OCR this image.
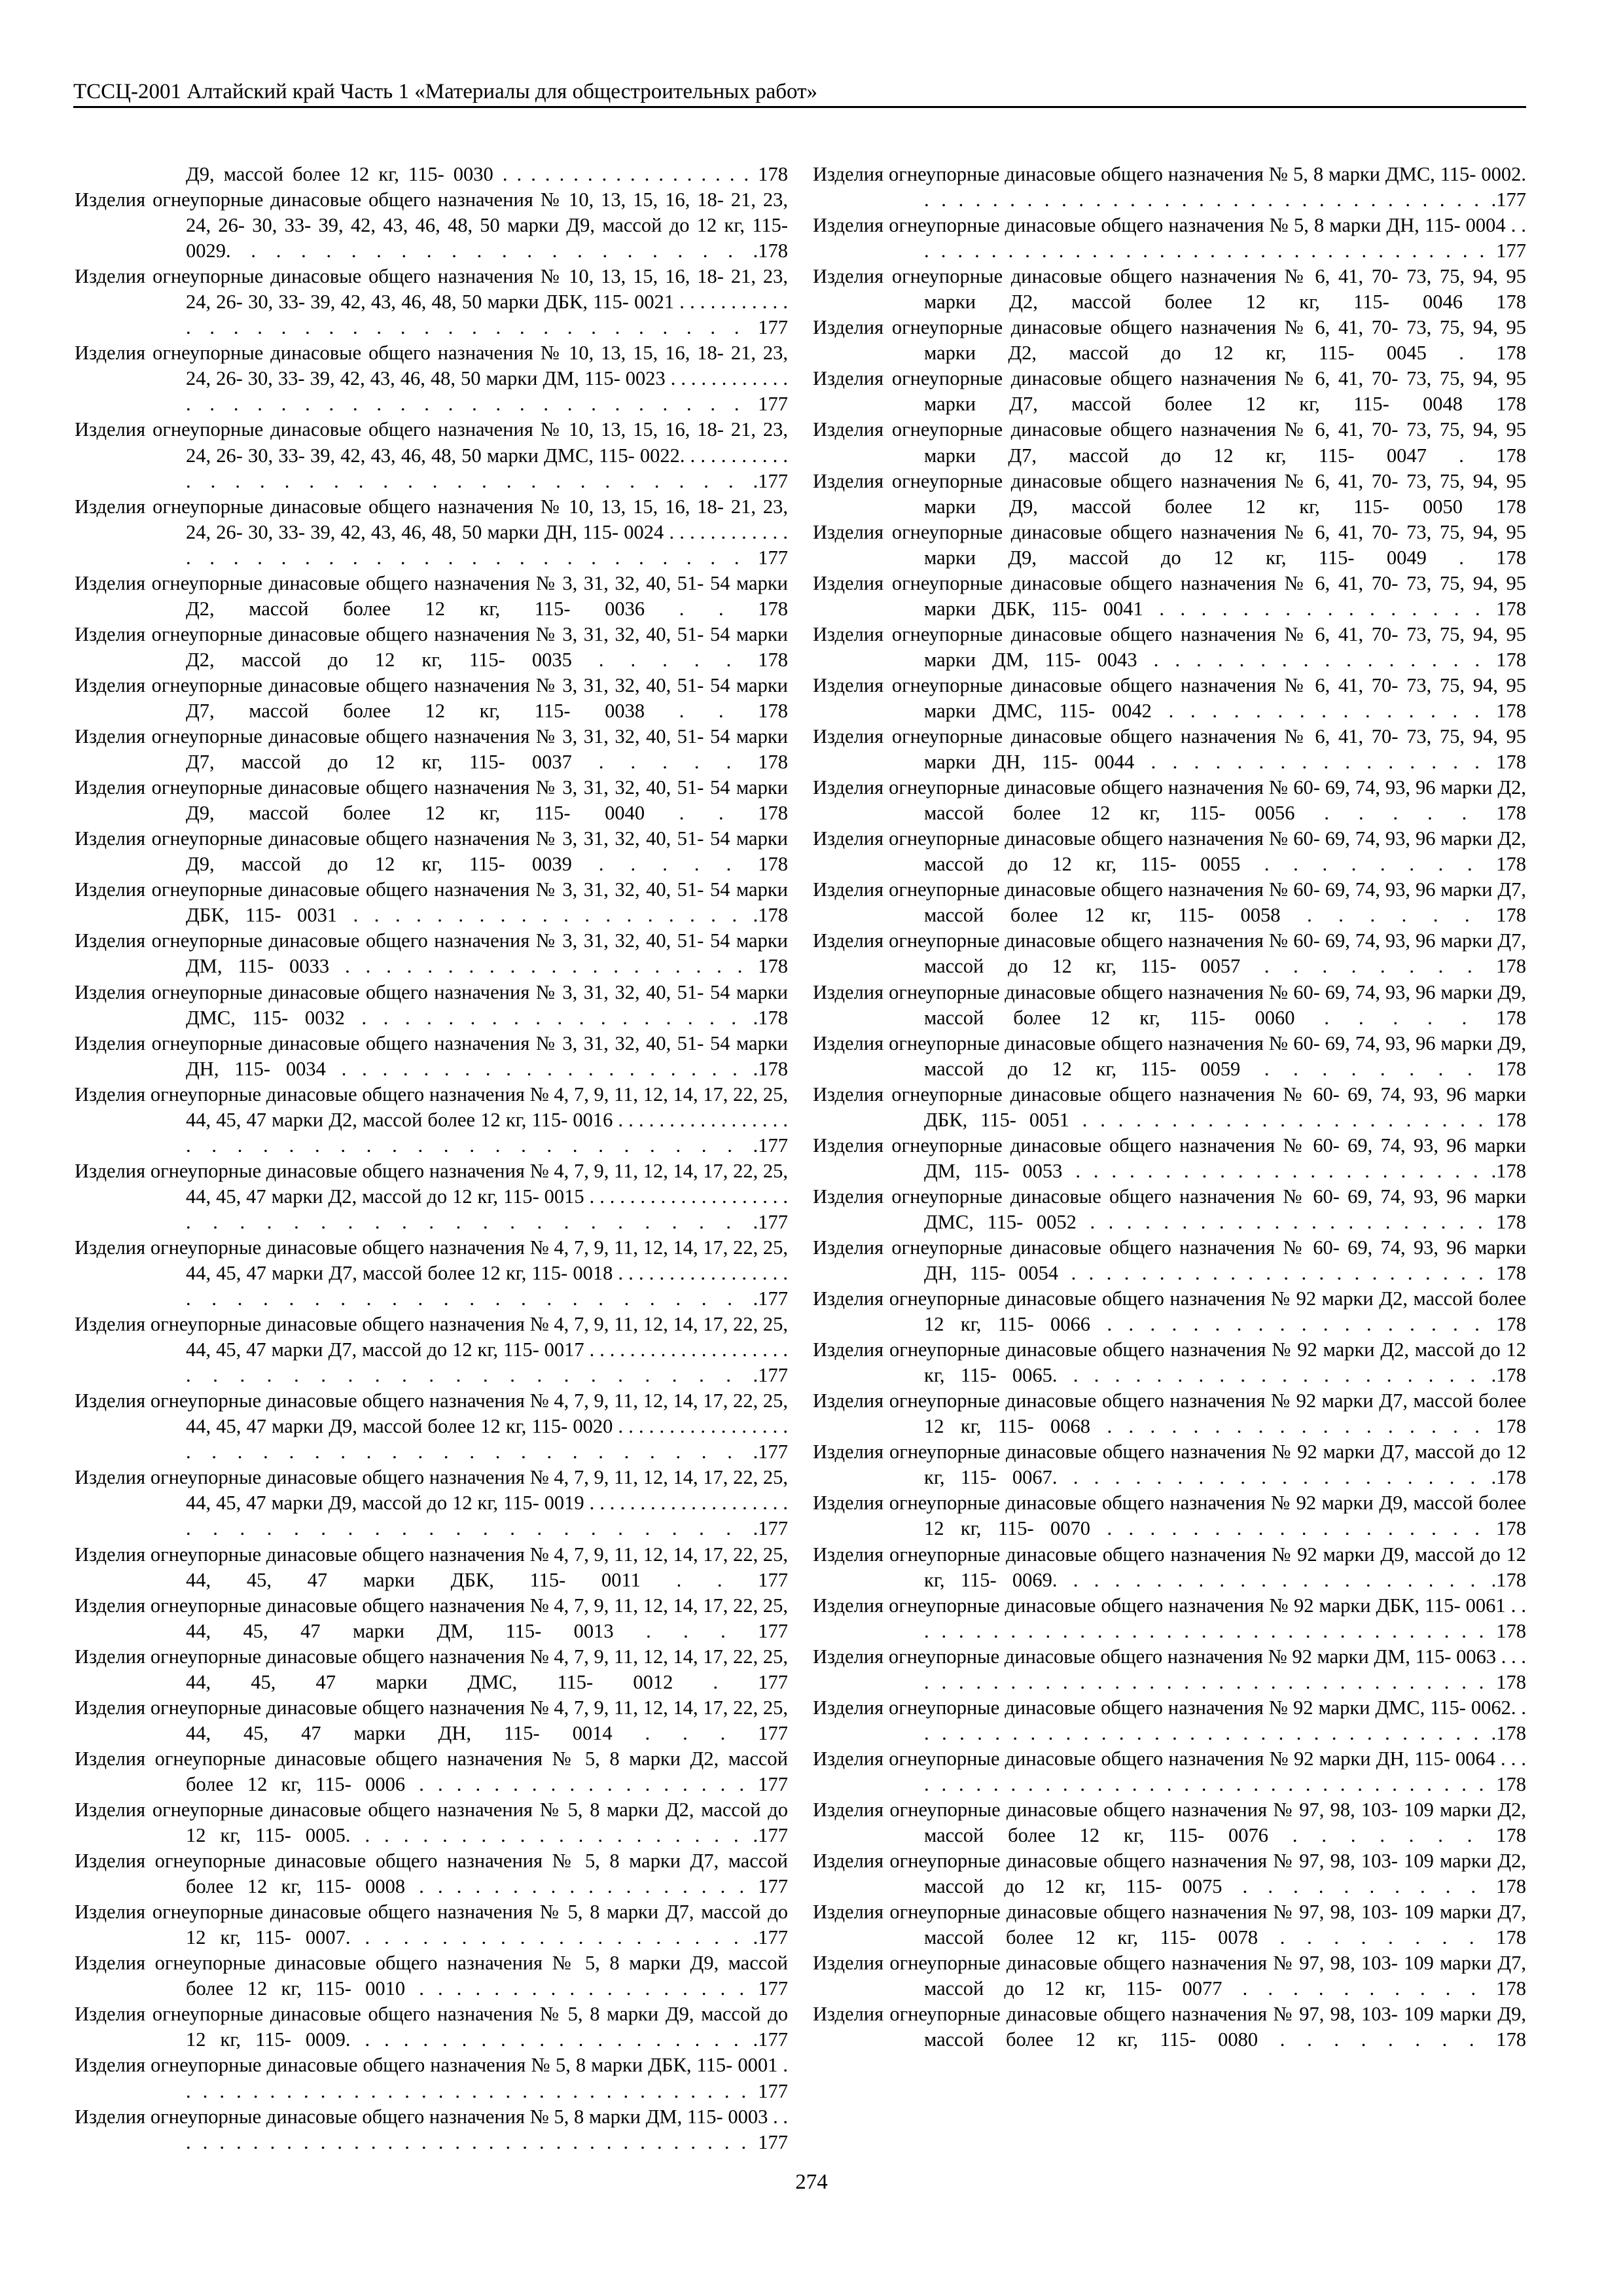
ТССЦ-2001 Алтайский край Часть 1 «Материалы для общестроительных работ»
Д9, массой более 12 кг, 115- 0030 . . . . . . . . . . . . . . . . . . 178
Изделия огнеупорные динасовые общего назначения № 10, 13, 15, 16, 18- 21, 23, 24, 26- 30, 33- 39, 42, 43, 46, 48, 50 марки Д9, массой до 12 кг, 115- 0029. . . . . . . . . . . . . . . . . . . . . .178
Изделия огнеупорные динасовые общего назначения № 10, 13, 15, 16, 18- 21, 23, 24, 26- 30, 33- 39, 42, 43, 46, 48, 50 марки ДБК, 115- 0021 . . . . . . . . . . . . . . . . . . . . . . . . . . . . . . . . . . . 177
Изделия огнеупорные динасовые общего назначения № 10, 13, 15, 16, 18- 21, 23, 24, 26- 30, 33- 39, 42, 43, 46, 48, 50 марки ДМ, 115- 0023 . . . . . . . . . . . . . . . . . . . . . . . . . . . . . . . . . . . . 177
Изделия огнеупорные динасовые общего назначения № 10, 13, 15, 16, 18- 21, 23, 24, 26- 30, 33- 39, 42, 43, 46, 48, 50 марки ДМС, 115- 0022. . . . . . . . . . . . . . . . . . . . . . . . . . . . . . . . . . .177
Изделия огнеупорные динасовые общего назначения № 10, 13, 15, 16, 18- 21, 23, 24, 26- 30, 33- 39, 42, 43, 46, 48, 50 марки ДН, 115- 0024 . . . . . . . . . . . . . . . . . . . . . . . . . . . . . . . . . . . . 177
Изделия огнеупорные динасовые общего назначения № 3, 31, 32, 40, 51- 54 марки Д2, массой более 12 кг, 115- 0036 . . 178
Изделия огнеупорные динасовые общего назначения № 3, 31, 32, 40, 51- 54 марки Д2, массой до 12 кг, 115- 0035 . . . . . 178
Изделия огнеупорные динасовые общего назначения № 3, 31, 32, 40, 51- 54 марки Д7, массой более 12 кг, 115- 0038 . . 178
Изделия огнеупорные динасовые общего назначения № 3, 31, 32, 40, 51- 54 марки Д7, массой до 12 кг, 115- 0037 . . . . . 178
Изделия огнеупорные динасовые общего назначения № 3, 31, 32, 40, 51- 54 марки Д9, массой более 12 кг, 115- 0040 . . 178
Изделия огнеупорные динасовые общего назначения № 3, 31, 32, 40, 51- 54 марки Д9, массой до 12 кг, 115- 0039 . . . . . 178
Изделия огнеупорные динасовые общего назначения № 3, 31, 32, 40, 51- 54 марки ДБК, 115- 0031 . . . . . . . . . . . . . . . . . . . .178
Изделия огнеупорные динасовые общего назначения № 3, 31, 32, 40, 51- 54 марки ДМ, 115- 0033 . . . . . . . . . . . . . . . . . . . . 178
Изделия огнеупорные динасовые общего назначения № 3, 31, 32, 40, 51- 54 марки ДМС, 115- 0032 . . . . . . . . . . . . . . . . . . .178
Изделия огнеупорные динасовые общего назначения № 3, 31, 32, 40, 51- 54 марки ДН, 115- 0034 . . . . . . . . . . . . . . . . . . . . .178
Изделия огнеупорные динасовые общего назначения № 4, 7, 9, 11, 12, 14, 17, 22, 25, 44, 45, 47 марки Д2, массой более 12 кг, 115- 0016 . . . . . . . . . . . . . . . . . . . . . . . . . . . . . . . . . . . . . . . .177
Изделия огнеупорные динасовые общего назначения № 4, 7, 9, 11, 12, 14, 17, 22, 25, 44, 45, 47 марки Д2, массой до 12 кг, 115- 0015 . . . . . . . . . . . . . . . . . . . . . . . . . . . . . . . . . . . . . . . . . .177
Изделия огнеупорные динасовые общего назначения № 4, 7, 9, 11, 12, 14, 17, 22, 25, 44, 45, 47 марки Д7, массой более 12 кг, 115- 0018 . . . . . . . . . . . . . . . . . . . . . . . . . . . . . . . . . . . . . . . .177
Изделия огнеупорные динасовые общего назначения № 4, 7, 9, 11, 12, 14, 17, 22, 25, 44, 45, 47 марки Д7, массой до 12 кг, 115- 0017 . . . . . . . . . . . . . . . . . . . . . . . . . . . . . . . . . . . . . . . . . .177
Изделия огнеупорные динасовые общего назначения № 4, 7, 9, 11, 12, 14, 17, 22, 25, 44, 45, 47 марки Д9, массой более 12 кг, 115- 0020 . . . . . . . . . . . . . . . . . . . . . . . . . . . . . . . . . . . . . . . .177
Изделия огнеупорные динасовые общего назначения № 4, 7, 9, 11, 12, 14, 17, 22, 25, 44, 45, 47 марки Д9, массой до 12 кг, 115- 0019 . . . . . . . . . . . . . . . . . . . . . . . . . . . . . . . . . . . . . . . . . .177
Изделия огнеупорные динасовые общего назначения № 4, 7, 9, 11, 12, 14, 17, 22, 25, 44, 45, 47 марки ДБК, 115- 0011 . . 177
Изделия огнеупорные динасовые общего назначения № 4, 7, 9, 11, 12, 14, 17, 22, 25, 44, 45, 47 марки ДМ, 115- 0013 . . . 177
Изделия огнеупорные динасовые общего назначения № 4, 7, 9, 11, 12, 14, 17, 22, 25, 44, 45, 47 марки ДМС, 115- 0012 . 177
Изделия огнеупорные динасовые общего назначения № 4, 7, 9, 11, 12, 14, 17, 22, 25, 44, 45, 47 марки ДН, 115- 0014 . . . 177
Изделия огнеупорные динасовые общего назначения № 5, 8 марки Д2, массой более 12 кг, 115- 0006 . . . . . . . . . . . . . . . . . . 177
Изделия огнеупорные динасовые общего назначения № 5, 8 марки Д2, массой до 12 кг, 115- 0005. . . . . . . . . . . . . . . . . . . . . .177
Изделия огнеупорные динасовые общего назначения № 5, 8 марки Д7, массой более 12 кг, 115- 0008 . . . . . . . . . . . . . . . . . . 177
Изделия огнеупорные динасовые общего назначения № 5, 8 марки Д7, массой до 12 кг, 115- 0007. . . . . . . . . . . . . . . . . . . . . .177
Изделия огнеупорные динасовые общего назначения № 5, 8 марки Д9, массой более 12 кг, 115- 0010 . . . . . . . . . . . . . . . . . . 177
Изделия огнеупорные динасовые общего назначения № 5, 8 марки Д9, массой до 12 кг, 115- 0009. . . . . . . . . . . . . . . . . . . . . .177
Изделия огнеупорные динасовые общего назначения № 5, 8 марки ДБК, 115- 0001 . . . . . . . . . . . . . . . . . . . . . . . . . . . . . . . . . . . 177
Изделия огнеупорные динасовые общего назначения № 5, 8 марки ДМ, 115- 0003 . . . . . . . . . . . . . . . . . . . . . . . . . . . . . . . . . . . . 177
Изделия огнеупорные динасовые общего назначения № 5, 8 марки ДМС, 115- 0002. . . . . . . . . . . . . . . . . . . . . . . . . . . . . . . . . . .177
Изделия огнеупорные динасовые общего назначения № 5, 8 марки ДН, 115- 0004 . . . . . . . . . . . . . . . . . . . . . . . . . . . . . . . . . . . . 177
Изделия огнеупорные динасовые общего назначения № 6, 41, 70- 73, 75, 94, 95 марки Д2, массой более 12 кг, 115- 0046 178
Изделия огнеупорные динасовые общего назначения № 6, 41, 70- 73, 75, 94, 95 марки Д2, массой до 12 кг, 115- 0045 . 178
Изделия огнеупорные динасовые общего назначения № 6, 41, 70- 73, 75, 94, 95 марки Д7, массой более 12 кг, 115- 0048 178
Изделия огнеупорные динасовые общего назначения № 6, 41, 70- 73, 75, 94, 95 марки Д7, массой до 12 кг, 115- 0047 . 178
Изделия огнеупорные динасовые общего назначения № 6, 41, 70- 73, 75, 94, 95 марки Д9, массой более 12 кг, 115- 0050 178
Изделия огнеупорные динасовые общего назначения № 6, 41, 70- 73, 75, 94, 95 марки Д9, массой до 12 кг, 115- 0049 . 178
Изделия огнеупорные динасовые общего назначения № 6, 41, 70- 73, 75, 94, 95 марки ДБК, 115- 0041 . . . . . . . . . . . . . . . . 178
Изделия огнеупорные динасовые общего назначения № 6, 41, 70- 73, 75, 94, 95 марки ДМ, 115- 0043 . . . . . . . . . . . . . . . . 178
Изделия огнеупорные динасовые общего назначения № 6, 41, 70- 73, 75, 94, 95 марки ДМС, 115- 0042 . . . . . . . . . . . . . . . 178
Изделия огнеупорные динасовые общего назначения № 6, 41, 70- 73, 75, 94, 95 марки ДН, 115- 0044 . . . . . . . . . . . . . . . . 178
Изделия огнеупорные динасовые общего назначения № 60- 69, 74, 93, 96 марки Д2, массой более 12 кг, 115- 0056 . . . . . 178
Изделия огнеупорные динасовые общего назначения № 60- 69, 74, 93, 96 марки Д2, массой до 12 кг, 115- 0055 . . . . . . . . 178
Изделия огнеупорные динасовые общего назначения № 60- 69, 74, 93, 96 марки Д7, массой более 12 кг, 115- 0058 . . . . . . 178
Изделия огнеупорные динасовые общего назначения № 60- 69, 74, 93, 96 марки Д7, массой до 12 кг, 115- 0057 . . . . . . . . 178
Изделия огнеупорные динасовые общего назначения № 60- 69, 74, 93, 96 марки Д9, массой более 12 кг, 115- 0060 . . . . . 178
Изделия огнеупорные динасовые общего назначения № 60- 69, 74, 93, 96 марки Д9, массой до 12 кг, 115- 0059 . . . . . . . . 178
Изделия огнеупорные динасовые общего назначения № 60- 69, 74, 93, 96 марки ДБК, 115- 0051 . . . . . . . . . . . . . . . . . . . . . . . 178
Изделия огнеупорные динасовые общего назначения № 60- 69, 74, 93, 96 марки ДМ, 115- 0053 . . . . . . . . . . . . . . . . . . . . . . . .178
Изделия огнеупорные динасовые общего назначения № 60- 69, 74, 93, 96 марки ДМС, 115- 0052 . . . . . . . . . . . . . . . . . . . . . . 178
Изделия огнеупорные динасовые общего назначения № 60- 69, 74, 93, 96 марки ДН, 115- 0054 . . . . . . . . . . . . . . . . . . . . . . . . 178
Изделия огнеупорные динасовые общего назначения № 92 марки Д2, массой более 12 кг, 115- 0066 . . . . . . . . . . . . . . . . . . 178
Изделия огнеупорные динасовые общего назначения № 92 марки Д2, массой до 12 кг, 115- 0065. . . . . . . . . . . . . . . . . . . . . .178
Изделия огнеупорные динасовые общего назначения № 92 марки Д7, массой более 12 кг, 115- 0068 . . . . . . . . . . . . . . . . . . 178
Изделия огнеупорные динасовые общего назначения № 92 марки Д7, массой до 12 кг, 115- 0067. . . . . . . . . . . . . . . . . . . . . .178
Изделия огнеупорные динасовые общего назначения № 92 марки Д9, массой более 12 кг, 115- 0070 . . . . . . . . . . . . . . . . . . 178
Изделия огнеупорные динасовые общего назначения № 92 марки Д9, массой до 12 кг, 115- 0069. . . . . . . . . . . . . . . . . . . . . .178
Изделия огнеупорные динасовые общего назначения № 92 марки ДБК, 115- 0061 . . . . . . . . . . . . . . . . . . . . . . . . . . . . . . . . . . . 178
Изделия огнеупорные динасовые общего назначения № 92 марки ДМ, 115- 0063 . . . . . . . . . . . . . . . . . . . . . . . . . . . . . . . . . . . . 178
Изделия огнеупорные динасовые общего назначения № 92 марки ДМС, 115- 0062. . . . . . . . . . . . . . . . . . . . . . . . . . . . . . . . . . .178
Изделия огнеупорные динасовые общего назначения № 92 марки ДН, 115- 0064 . . . . . . . . . . . . . . . . . . . . . . . . . . . . . . . . . . . . 178
Изделия огнеупорные динасовые общего назначения № 97, 98, 103- 109 марки Д2, массой более 12 кг, 115- 0076 . . . . . . . 178
Изделия огнеупорные динасовые общего назначения № 97, 98, 103- 109 марки Д2, массой до 12 кг, 115- 0075 . . . . . . . . . . 178
Изделия огнеупорные динасовые общего назначения № 97, 98, 103- 109 марки Д7, массой более 12 кг, 115- 0078 . . . . . . . . 178
Изделия огнеупорные динасовые общего назначения № 97, 98, 103- 109 марки Д7, массой до 12 кг, 115- 0077 . . . . . . . . . . 178
Изделия огнеупорные динасовые общего назначения № 97, 98, 103- 109 марки Д9, массой более 12 кг, 115- 0080 . . . . . . . . 178
274
